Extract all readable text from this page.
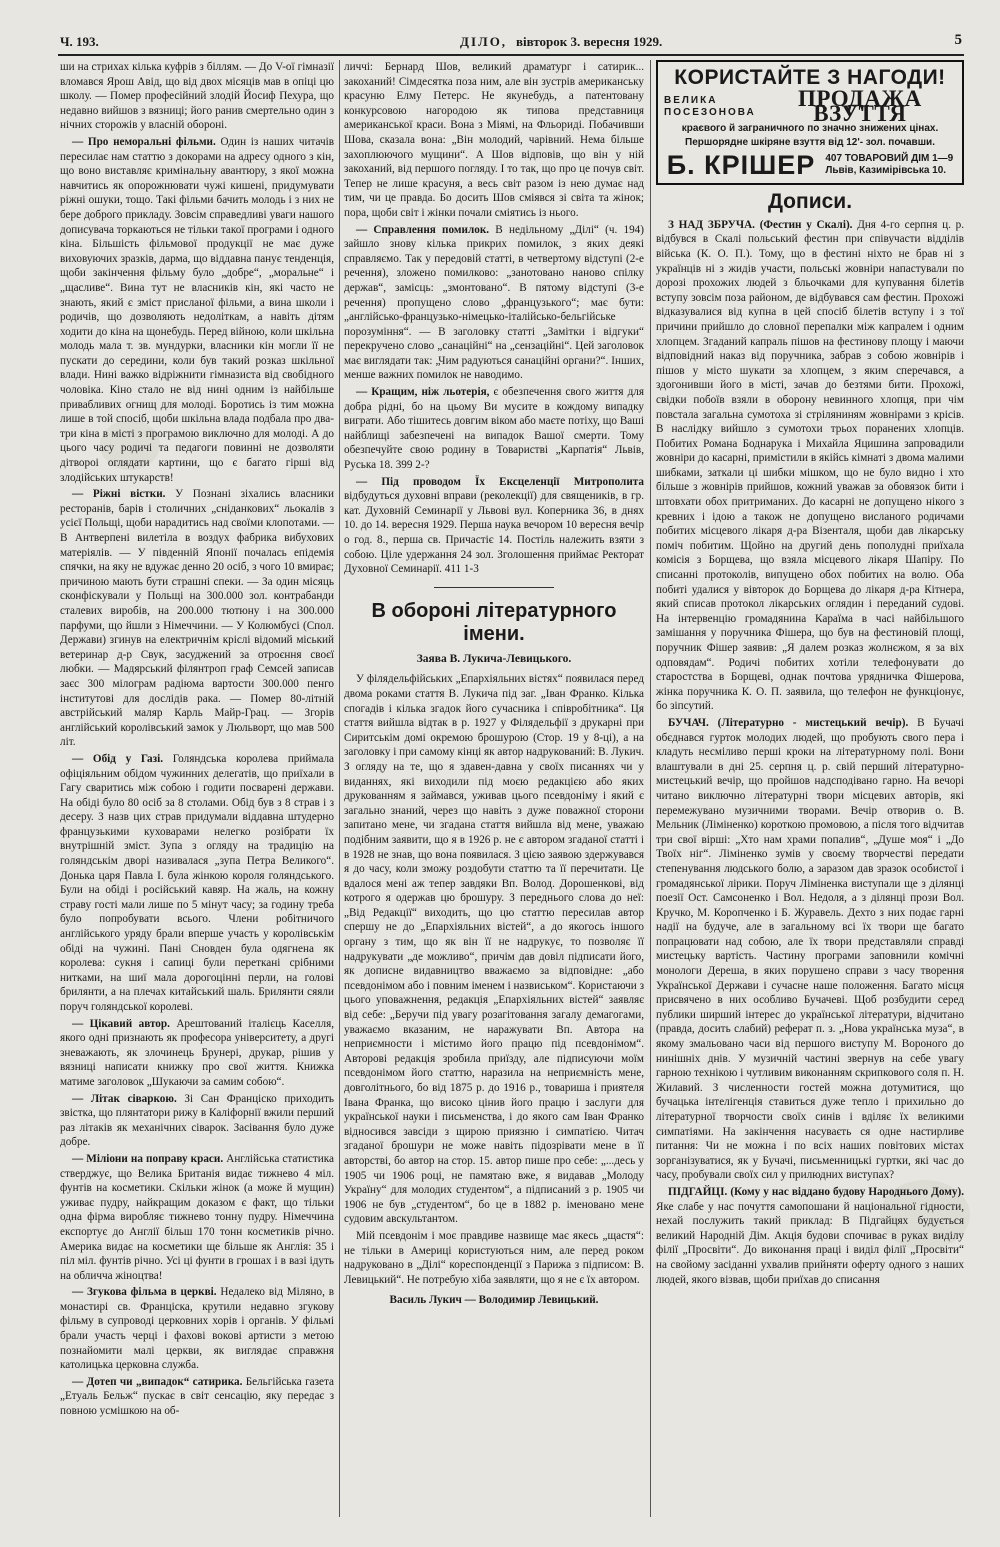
Ч. 193.	ДІЛО, вівторок 3. вересня 1929.	5

ши на стрихах кілька куфрів з біллям. — До V-ої гімназії вломався Ярош Авід, що від двох місяців мав в опіці цю школу. — Помер професійний злодій Йосиф Пехура, що недавно вийшов з вязниці; його ранив смертельно один з нічних сторожів у власній обороні.

— Про неморальні фільми. Один із наших читачів пересилає нам статтю з докорами на адресу одного з кін, що воно виставляє кримінальну авантюру, з якої можна навчитись як опорожнювати чужі кишені, придумувати ріжні ошуки, тощо. Такі фільми бачить молодь і з них не бере доброго прикладу. Зовсім справедливі уваги нашого дописувача торкаються не тільки такої програми і одного кіна. Більшість фільмової продукції не має дуже виховуючих зразків, дарма, що віддавна панує тенденція, щоби закінчення фільму було „добре“, „моральне“ і „щасливе“. Вина тут не власників кін, які часто не знають, який є зміст присланої фільми, а вина школи і родичів, що дозволяють недоліткам, а навіть дітям ходити до кіна на щонебудь. Перед війною, коли шкільна молодь мала т. зв. мундурки, власники кін могли її не пускати до середини, коли був такий розказ шкільної влади. Нині важко відріжнити гімназиста від свобідного чоловіка. Кіно стало не від нині одним із найбільше привабливих огнищ для молоді. Боротись із тим можна лише в той спосіб, щоби шкільна влада подбала про два-три кіна в місті з програмою виключно для молоді. А до цього часу родичі та педагоги повинні не дозволяти дітвороі оглядати картини, що є багато гірші від злодійських штукарств!

— Ріжні вістки. У Познані зіхались власники ресторанів, барів і столичних „сніданкових“ льокалів з усієї Польщі, щоби нарадитись над своїми клопотами. — В Антверпені вилетіла в воздух фабрика вибухових матеріялів. — У південній Японії почалась епідемія спячки, на яку не вдужає денно 20 осіб, з чого 10 вмирає; причиною мають бути страшні спеки. — За один місяць сконфіскували у Польщі на 300.000 зол. контрабанди сталевих виробів, на 200.000 тютюну і на 300.000 парфуми, що йшли з Німеччини. — У Колюмбусі (Спол. Держави) згинув на електричнім кріслі відомий міський ветеринар д-р Свук, засуджений за отроєння своєї любки. — Мадярський філянтроп граф Семсей записав заєс 300 мілограм радіюма вартости 300.000 пенго інститутові для дослідів рака. — Помер 80-літній австрійський маляр Карль Майр-Грац. — Згорів англійський королівський замок у Люльворт, що мав 500 літ.

— Обід у Газі. Голяндська королева приймала офіціяльним обідом чужинних делегатів, що приїхали в Гагу сваритись між собою і годити посварені держави. На обіді було 80 осіб за 8 столами. Обід був з 8 страв і з десеру. З назв цих страв придумали віддавна штудерно французькими куховарами нелегко розібрати їх внутрішній зміст. Зупа з огляду на традицію на голяндськім дворі називалася „зупа Петра Великого“. Донька царя Павла I. була жінкою короля голяндського. Були на обіді і російський кавяр. На жаль, на кожну страву гості мали лише по 5 мінут часу; за годину треба було попробувати всього. Члени робітничого англійського уряду брали вперше участь у королівськім обіді на чужині. Пані Сновден була одягнена як королева: сукня і сапиці були переткані срібними нитками, на шиї мала дорогоцінні перли, на голові брилянти, а на плечах китайський шаль. Брилянти сяяли поруч голяндської королеві.

— Цікавий автор. Арештований італієць Каселля, якого одні признають як професора університету, а другі зневажають, як злочинець Брунері, друкар, рішив у вязниці написати книжку про свої життя. Книжка матиме заголовок „Шукаючи за самим собою“.

— Літак сіваркою. Зі Сан Франціско приходить звістка, що плянтатори рижу в Каліфорнії вжили перший раз літаків як механічних сіварок. Засівання було дуже добре.

— Міліони на поправу краси. Англійська статистика стверджує, що Велика Британія видає тижнево 4 міл. фунтів на косметики. Скільки жінок (а може й мущин) уживає пудру, найкращим доказом є факт, що тільки одна фірма виробляє тижнево тонну пудру. Німеччина експортує до Англії більш 170 тонн косметиків річно. Америка видає на косметики ще більше як Англія: 35 і піл міл. фунтів річно. Усі ці фунти в грошах і в вазі ідуть на обличча жіноцтва!

— Згукова фільма в церкві. Недалеко від Міляно, в монастирі св. Франціска, крутили недавно згукову фільму в супроводі церковних хорів і органів. У фільмі брали участь черці і фахові вокові артисти з метою познайомити малі церкви, як виглядає справжня католицька церковна служба.

— Дотеп чи „випадок“ сатирика. Бельгійська газета „Етуаль Бельж“ пускає в світ сенсацію, яку передає з повною усмішкою на об-

личчі: Бернард Шов, великий драматург і сатирик... закоханий! Сімдесятка поза ним, але він зустрів американську красуню Елму Петерс. Не якунебудь, а патентовану конкурсовою нагородою як типова представниця американської краси. Вона з Міямі, на Фльориді. Побачивши Шова, сказала вона: „Він молодий, чарівний. Нема більше захоплюючого мущини“. А Шов відповів, що він у ній закоханий, від першого погляду. І то так, що про це почув світ. Тепер не лише красуня, а весь світ разом із нею думає над тим, чи це правда. Бо досить Шов сміявся зі світа та жінок; пора, щоби світ і жінки почали сміятись із нього.

— Справлення помилок. В недільному „Ділі“ (ч. 194) зайшло знову кілька прикрих помилок, з яких деякі справляємо. Так у передовій статті, в четвертому відступі (2-е речення), зложено помилково: „занотовано наново спілку держав“, замісць: „змонтовано“. В пятому відступі (3-е речення) пропущено слово „французького“; має бути: „англійсько-французько-німецько-італійсько-бельгійське порозуміння“. — В заголовку статті „Замітки і відгуки“ перекручено слово „санаційні“ на „сензаційні“. Цей заголовок має виглядати так: „Чим радуються санаційні органи?“. Інших, менше важних помилок не наводимо.

— Кращим, ніж льотерія, є обезпечення свого життя для добра рідні, бо на цьому Ви мусите в кождому випадку виграти. Або тішитесь довгим віком або маєте потіху, що Ваші найблищі забезпечені на випадок Вашої смерти. Тому обезпечуйте свою родину в Товаристві „Карпатія“ Львів, Руська 18. 399 2-?

— Під проводом Їх Ексцеленції Митрополита відбудуться духовні вправи (реколекції) для священиків, в гр. кат. Духовній Семинарії у Львові вул. Коперника 36, в днях 10. до 14. вересня 1929. Перша наука вечором 10 вересня вечір о год. 8., перша св. Причастіє 14. Постіль належить взяти з собою. Ціле удержання 24 зол. Зголошення приймає Ректорат Духовної Семинарії. 411 1-3

В обороні літературного імени.
Заява В. Лукича-Левицького.

У філядельфійських „Епархіяльних вістях“ появилася перед двома роками стаття В. Лукича під заг. „Іван Франко. Кілька спогадів і кілька згадок його сучасника і співробітника“. Ця стаття вийшла відтак в р. 1927 у Філядельфії з друкарні при Сиритськім домі окремою брошурою (Стор. 19 у 8-ці), а на заголовку і при самому кінці як автор надрукований: В. Лукич. З огляду на те, що я здавен-давна у своїх писаннях чи у виданнях, які виходили під моєю редакцією або яких друкованням я займався, уживав цього псевдоніму і який є загально знаний, через що навіть з дуже поважної сторони запитано мене, чи згадана стаття вийшла від мене, уважаю подібним заявити, що я в 1926 р. не є автором згаданої статті і в 1928 не знав, що вона появилася. З цією заявою здержувався я до часу, коли зможу роздобути статтю та її перечитати. Це вдалося мені аж тепер завдяки Вп. Волод. Дорошенкові, від котрого я одержав цю брошуру. З переднього слова до неї: „Від Редакції“ виходить, що цю статтю пересилав автор спершу не до „Епархіяльних вістей“, а до якогось іншого органу з тим, що як він її не надрукує, то позволяє її надрукувати „де можливо“, причім дав довіл підписати його, як дописне видавництво вважаємо за відповідне: „або псевдонімом або і повним іменем і назвиськом“. Користаючи з цього уповажнення, редакція „Епархіяльних вістей“ заявляє від себе: „Беручи під увагу розагітовання загалу демагогами, уважаємо вказаним, не наражувати Вп. Автора на неприємности і містимо його працю під псевдонімом“. Авторові редакція зробила приїзду, але підписуючи моїм псевдонімом його статтю, наразила на неприємність мене, довголітнього, бо від 1875 р. до 1916 р., товариша і приятеля Івана Франка, що високо цінив його працю і заслуги для української науки і письменства, і до якого сам Іван Франко відносився завсіди з щирою приязню і симпатією. Читач згаданої брошури не може навіть підозрівати мене в її авторстві, бо автор на стор. 15. автор пише про себе: „...десь у 1905 чи 1906 році, не памятаю вже, я видавав „Молоду Україну“ для молодих студентом“, а підписаний з р. 1905 чи 1906 не був „студентом“, бо це в 1882 р. іменовано мене судовим авскультантом.

Мій псевдонім і моє правдиве назвище має якесь „щастя“: не тільки в Америці користуються ним, але перед роком надруковано в „Ділі“ кореспонденції з Парижа з підписом: В. Левицький“. Не потребую хіба заявляти, що я не є їх автором.

Василь Лукич — Володимир Левицький.
КОРИСТАЙТЕ З НАГОДИ!
ВЕЛИКА
ПОСЕЗОНОВА
ПРОДАЖА ВЗУТТЯ
краєвого й заграничного по значно знижених цінах.
Першорядне шкіряне взуття від 12'- зол. почавши.
Б. КРІШЕР 407 ТОВАРОВИЙ ДІМ 1—9
Львів, Казимірівська 10.
Дописи.

З НАД ЗБРУЧА. (Фестин у Скалі). Дня 4-го серпня ц. р. відбувся в Скалі польський фестин при співучасти відділів війська (К. О. П.). Тому, що в фестині ніхто не брав ні з українців ні з жидів участи, польські жовніри напастували по дорозі прохожих людей з бльочками для купування білетів вступу зовсім поза районом, де відбувався сам фестин. Прохожі відказувалися від купна в цей спосіб білетів вступу і з тої причини прийшло до словної перепалки між капралем і одним хлопцем. Згаданий капраль пішов на фестинову площу і маючи відповідний наказ від поручника, забрав з собою жовнірів і пішов у місто шукати за хлопцем, з яким сперечався, а здогонивши його в місті, зачав до безтями бити. Прохожі, свідки побоїв взяли в оборону невинного хлопця, при чім повстала загальна сумотоха зі стріляниням жовнірами з крісів. В наслідку вийшло з сумотохи трьох поранених хлопців. Побитих Романа Боднарука і Михайла Яцишина запровадили жовніри до касарні, примістили в якійсь кімнаті з двома малими шибками, заткали ці шибки мішком, що не було видно і хто більше з жовнірів прийшов, кожний уважав за обовязок бити і штовхати обох притриманих. До касарні не допущено нікого з кревних і ідою а також не допущено висланого родичами побитих місцевого лікаря д-ра Візенталя, щоби дав лікарську поміч побитим. Щойно на другий день пополудні приїхала комісія з Борщева, що взяла місцевого лікаря Шапіру. По списанні протоколів, випущено обох побитих на волю. Оба побиті удалися у вівторок до Борщева до лікаря д-ра Кітнера, який списав протокол лікарських оглядин і переданий судові. На інтервенцію громадянина Караїма в часі найбільшого замішання у поручника Фішера, що був на фестиновій площі, поручник Фішер заявив: „Я далем розказ жолнєжом, я за віх одповядам“. Родичі побитих хотіли телефонувати до старостства в Борщеві, однак почтова урядничка Фішерова, жінка поручника К. О. П. заявила, що телефон не функціонує, бо зіпсутий.

БУЧАЧ. (Літературно - мистецький вечір). В Бучачі обєднався гурток молодих людей, що пробують свого пера і кладуть несміливо перші кроки на літературному полі. Вони влаштували в дні 25. серпня ц. р. свій перший літературно-мистецький вечір, що пройшов надсподівано гарно. На вечорі читано виключно літературні твори місцевих авторів, які перемежувано музичними творами. Вечір отворив о. В. Мельник (Ліміненко) короткою промовою, а після того відчитав три свої вірші: „Хто нам храми попалив“, „Душе моя“ і „До Твоїх ніг“. Ліміненко зумів у своєму творчестві передати степенування людського болю, а заразом дав зразок особистої і громадянської лірики. Поруч Ліміненка виступали ще з ділянці поезії Ост. Самсоненко і Вол. Недоля, а з ділянці прози Вол. Кручко, М. Коропченко і Б. Журавель. Дехто з них подає гарні надії на будуче, але в загальному всі їх твори ще багато попрацювати над собою, але їх твори представляли справді мистецьку вартість. Частину програми заповнили комічні монологи Дереша, в яких порушено справи з часу творення Української Держави і сучасне наше положення. Багато місця присвячено в них особливо Бучачеві. Щоб розбудити серед публики ширший інтерес до української літератури, відчитано (правда, досить слабий) реферат п. з. „Нова українська муза“, в якому змальовано часи від першого виступу М. Вороного до нинішніх днів. У музичній частині звернув на себе увагу гарною технікою і чутливим виконанням скрипкового соля п. Н. Жилавий. З численности гостей можна дотумитися, що бучацька інтелігенція ставиться дуже тепло і прихильно до літературної творчости своїх синів і вділяє їх великими симпатіями. На закінчення насуваєть ся одне настирливе питання: Чи не можна і по всіх наших повітових містах зорганізуватися, як у Бучачі, письменницькі гуртки, які час до часу, пробували своїх сил у прилюдних виступах?

ПІДГАЙЦІ. (Кому у нас віддано будову Народнього Дому). Яке слабе у нас почуття самопошани й національної гідности, нехай послужить такий приклад: В Підгайцях будується великий Народній Дім. Акція будови спочиває в руках виділу філії „Просвіти“. До виконання праці і виділ філії „Просвіти“ на свойому засіданні ухвалив прийняти оферту одного з наших людей, якого візвав, щоби приїхав до списання
